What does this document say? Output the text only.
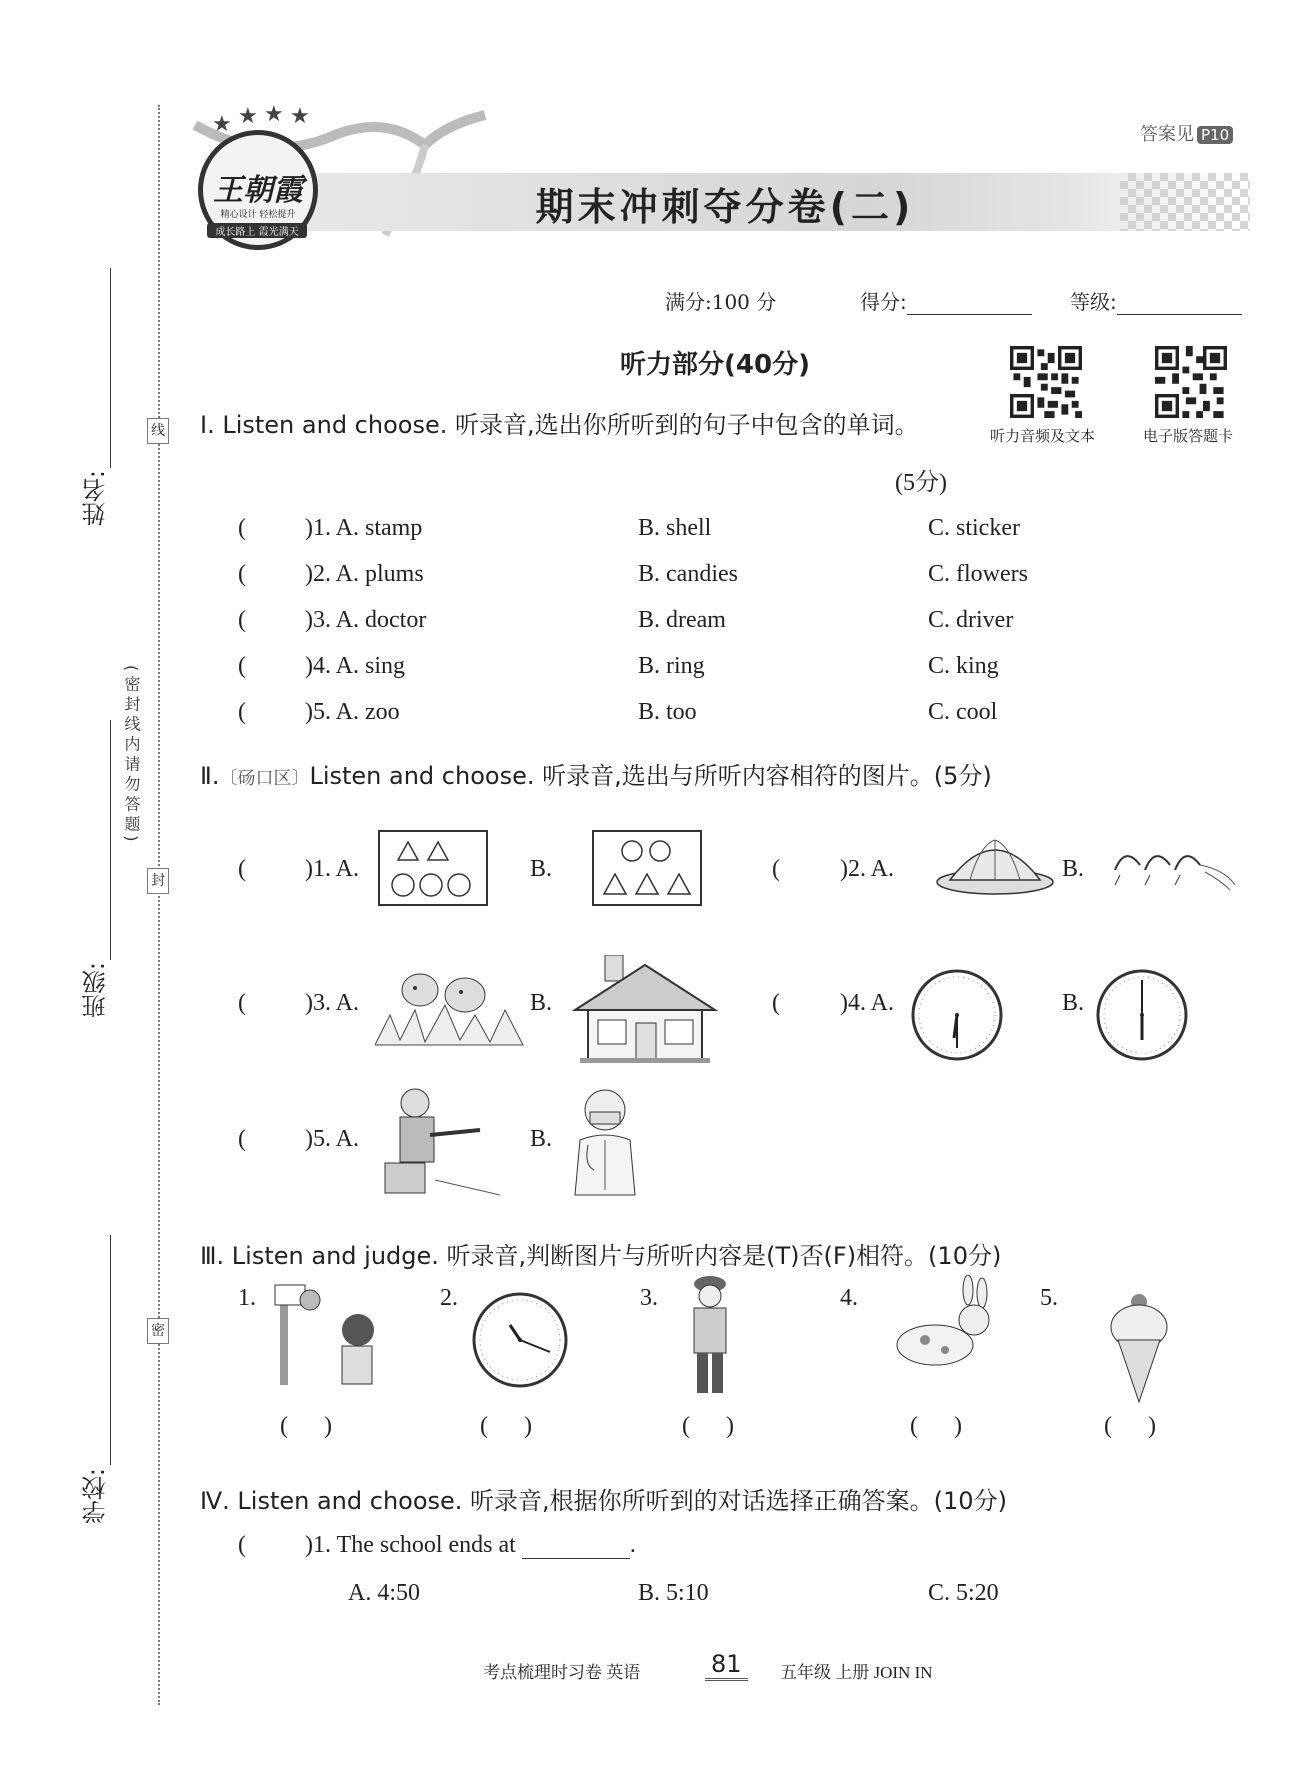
线
封
密
(密封线内请勿答题)
姓名:
班级:
学校:
期末冲刺夺分卷(二)
★ ★ ★ ★
王朝霞
精心设计 轻松提升
成长路上 霞光满天
答案见 P10
满分:100 分	得分:	等级:
听力音频及文本	电子版答题卡
听力部分(40分)
Ⅰ. Listen and choose. 听录音,选出你所听到的句子中包含的单词。
(5分)
( )1. A. stamp	B. shell	C. sticker
( )2. A. plums	B. candies	C. flowers
( )3. A. doctor	B. dream	C. driver
( )4. A. sing	B. ring	C. king
( )5. A. zoo	B. too	C. cool
Ⅱ.〔砀口区〕Listen and choose. 听录音,选出与所听内容相符的图片。(5分)
( )1. A.	B.	(	)2. A.	B.
( )3. A.	B.	(	)4. A.	B.
( )5. A.	B.
Ⅲ. Listen and judge. 听录音,判断图片与所听内容是(T)否(F)相符。(10分)
1.	2.	3.	4.	5.
(      )	(      )	(      )	(      )	(      )
Ⅳ. Listen and choose. 听录音,根据你所听到的对话选择正确答案。(10分)
( )1. The school ends at	.
A. 4:50	B. 5:10	C. 5:20
考点梳理时习卷 英语	81	五年级 上册 JOIN IN
